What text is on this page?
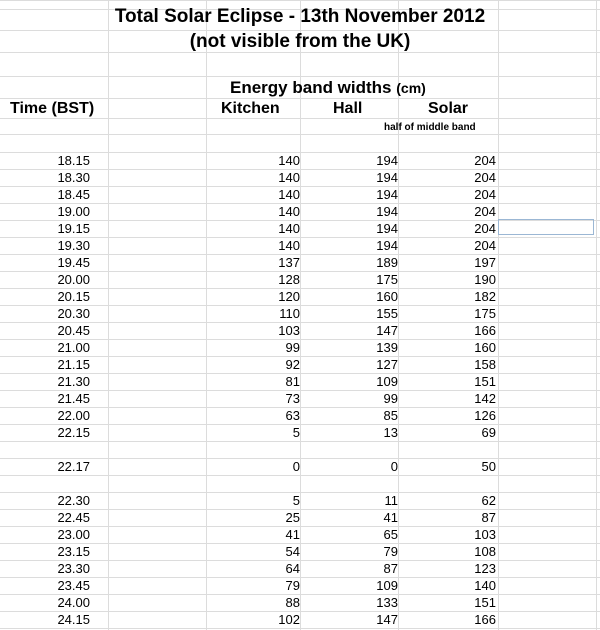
Total Solar Eclipse - 13th November 2012
(not visible from the UK)
Energy band widths (cm)
Time (BST)	Kitchen	Hall	Solar
half of middle band
18.15	140	194	204
18.30	140	194	204
18.45	140	194	204
19.00	140	194	204
19.15	140	194	204
19.30	140	194	204
19.45	137	189	197
20.00	128	175	190
20.15	120	160	182
20.30	110	155	175
20.45	103	147	166
21.00	99	139	160
21.15	92	127	158
21.30	81	109	151
21.45	73	99	142
22.00	63	85	126
22.15	5	13	69
22.17	0	0	50
22.30	5	11	62
22.45	25	41	87
23.00	41	65	103
23.15	54	79	108
23.30	64	87	123
23.45	79	109	140
24.00	88	133	151
24.15	102	147	166
